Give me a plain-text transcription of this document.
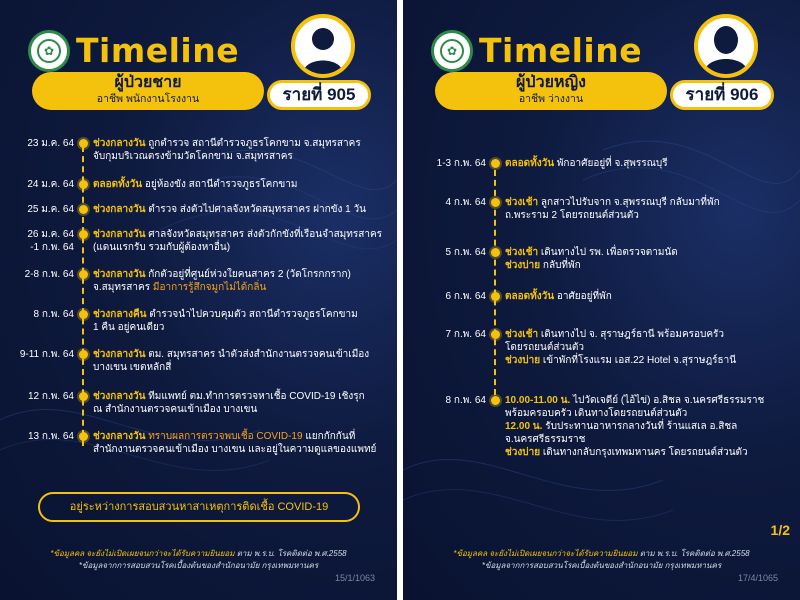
✿ Timeline
ผู้ป่วยชาย
อาชีพ พนักงานโรงงาน	รายที่ 905
23 ม.ค. 64 ช่วงกลางวัน ถูกตำรวจ สถานีตำรวจภูธรโคกขาม จ.สมุทรสาคร
จับกุมบริเวณตรงข้ามวัดโคกขาม จ.สมุทรสาคร
24 ม.ค. 64 ตลอดทั้งวัน อยู่ห้องขัง สถานีตำรวจภูธรโคกขาม
25 ม.ค. 64 ช่วงกลางวัน ตำรวจ ส่งตัวไปศาลจังหวัดสมุทรสาคร ฝากขัง 1 วัน
26 ม.ค. 64
-1 ก.พ. 64
ช่วงกลางวัน ศาลจังหวัดสมุทรสาคร ส่งตัวกักขังที่เรือนจำสมุทรสาคร
(แดนแรกรับ รวมกับผู้ต้องหาอื่น)
2-8 ก.พ. 64 ช่วงกลางวัน กักตัวอยู่ที่ศูนย์ห่วงใยคนสาคร 2 (วัดโกรกกราก)
จ.สมุทรสาคร มีอาการรู้สึกจมูกไม่ได้กลิ่น
8 ก.พ. 64 ช่วงกลางคืน ตำรวจนำไปควบคุมตัว สถานีตำรวจภูธรโคกขาม
1 คืน อยู่คนเดียว
9-11 ก.พ. 64 ช่วงกลางวัน ตม. สมุทรสาคร นำตัวส่งสำนักงานตรวจคนเข้าเมือง
บางเขน เขตหลักสี่
12 ก.พ. 64 ช่วงกลางวัน ทีมแพทย์ ตม.ทำการตรวจหาเชื้อ COVID-19 เชิงรุก
ณ สำนักงานตรวจคนเข้าเมือง บางเขน
13 ก.พ. 64 ช่วงกลางวัน ทราบผลการตรวจพบเชื้อ COVID-19 แยกกักกันที่
สำนักงานตรวจคนเข้าเมือง บางเขน และอยู่ในความดูแลของแพทย์
อยู่ระหว่างการสอบสวนหาสาเหตุการติดเชื้อ COVID-19
*ข้อมูลคล จะยังไม่เปิดเผยจนกว่าจะได้รับความยินยอม ตาม พ.ร.บ. โรคติดต่อ พ.ศ.2558
*ข้อมูลจากการสอบสวนโรคเบื้องต้นของสำนักอนามัย กรุงเทพมหานคร
15/1/1063
✿ Timeline
ผู้ป่วยหญิง
อาชีพ ว่างงาน	รายที่ 906
1-3 ก.พ. 64 ตลอดทั้งวัน พักอาศัยอยู่ที่ จ.สุพรรณบุรี
4 ก.พ. 64 ช่วงเช้า ลูกสาวไปรับจาก จ.สุพรรณบุรี กลับมาที่พัก
ถ.พระราม 2 โดยรถยนต์ส่วนตัว
5 ก.พ. 64 ช่วงเช้า เดินทางไป รพ. เพื่อตรวจตามนัด
ช่วงบ่าย กลับที่พัก
6 ก.พ. 64 ตลอดทั้งวัน อาศัยอยู่ที่พัก
7 ก.พ. 64 ช่วงเช้า เดินทางไป จ. สุราษฎร์ธานี พร้อมครอบครัว
โดยรถยนต์ส่วนตัว
ช่วงบ่าย เข้าพักที่โรงแรม เอส.22 Hotel จ.สุราษฎร์ธานี
8 ก.พ. 64 10.00-11.00 น. ไปวัดเจดีย์ (ไอ้ไข่) อ.สิชล จ.นครศรีธรรมราช
พร้อมครอบครัว เดินทางโดยรถยนต์ส่วนตัว
12.00 น. รับประทานอาหารกลางวันที่ ร้านแสเล อ.สิชล
จ.นครศรีธรรมราช
ช่วงบ่าย เดินทางกลับกรุงเทพมหานคร โดยรถยนต์ส่วนตัว
1/2
*ข้อมูลคล จะยังไม่เปิดเผยจนกว่าจะได้รับความยินยอม ตาม พ.ร.บ. โรคติดต่อ พ.ศ.2558
*ข้อมูลจากการสอบสวนโรคเบื้องต้นของสำนักอนามัย กรุงเทพมหานคร
17/4/1065
